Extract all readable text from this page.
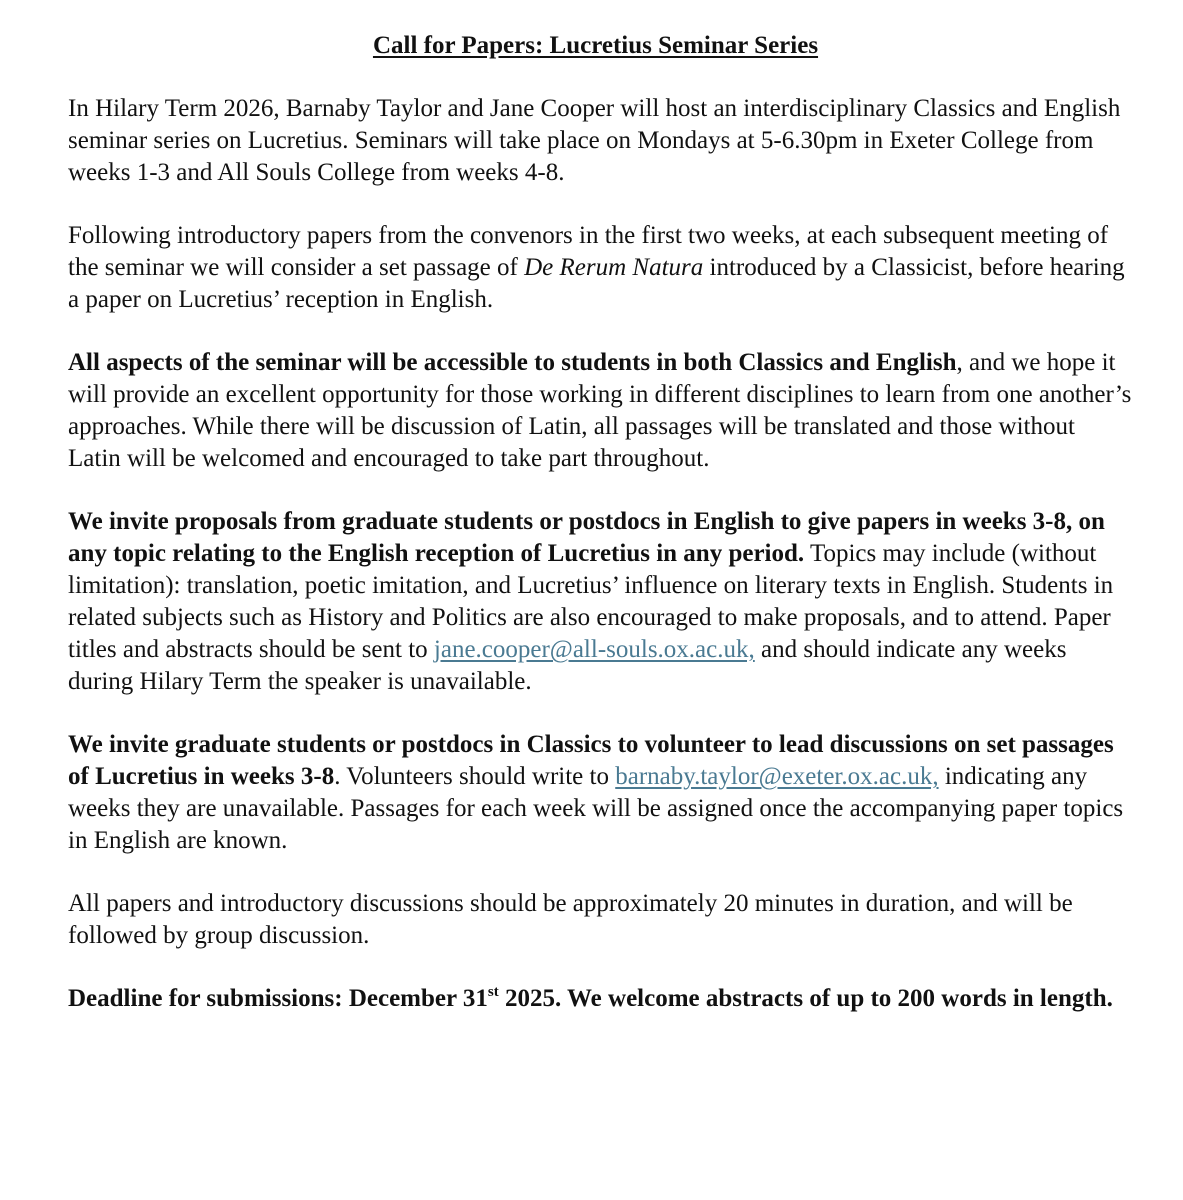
Call for Papers: Lucretius Seminar Series

In Hilary Term 2026, Barnaby Taylor and Jane Cooper will host an interdisciplinary Classics and English seminar series on Lucretius. Seminars will take place on Mondays at 5-6.30pm in Exeter College from weeks 1-3 and All Souls College from weeks 4-8.

Following introductory papers from the convenors in the first two weeks, at each subsequent meeting of the seminar we will consider a set passage of De Rerum Natura introduced by a Classicist, before hearing a paper on Lucretius’ reception in English.

All aspects of the seminar will be accessible to students in both Classics and English, and we hope it will provide an excellent opportunity for those working in different disciplines to learn from one another’s approaches. While there will be discussion of Latin, all passages will be translated and those without Latin will be welcomed and encouraged to take part throughout.

We invite proposals from graduate students or postdocs in English to give papers in weeks 3-8, on any topic relating to the English reception of Lucretius in any period. Topics may include (without limitation): translation, poetic imitation, and Lucretius’ influence on literary texts in English. Students in related subjects such as History and Politics are also encouraged to make proposals, and to attend. Paper titles and abstracts should be sent to jane.cooper@all-souls.ox.ac.uk, and should indicate any weeks during Hilary Term the speaker is unavailable.

We invite graduate students or postdocs in Classics to volunteer to lead discussions on set passages of Lucretius in weeks 3-8. Volunteers should write to barnaby.taylor@exeter.ox.ac.uk, indicating any weeks they are unavailable. Passages for each week will be assigned once the accompanying paper topics in English are known.

All papers and introductory discussions should be approximately 20 minutes in duration, and will be followed by group discussion.

Deadline for submissions: December 31st 2025. We welcome abstracts of up to 200 words in length.
